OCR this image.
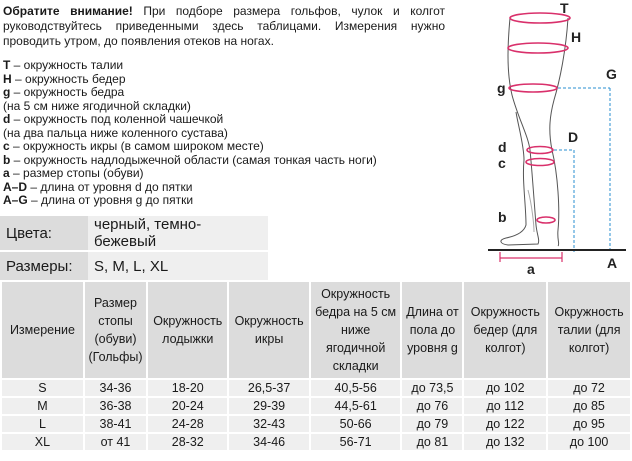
Обратите внимание! При подборе размера гольфов, чулок и колгот руководствуйтесь приведенными здесь таблицами. Измерения нужно проводить утром, до появления отеков на ногах.
T – окружность талии
H – окружность бедер
g – окружность бедра
(на 5 см ниже ягодичной складки)
d – окружность под коленной чашечкой
(на два пальца ниже коленного сустава)
c – окружность икры (в самом широком месте)
b – окружность надлодыжечной области (самая тонкая часть ноги)
a – размер стопы (обуви)
A–D – длина от уровня d до пятки
A–G – длина от уровня g до пятки
Цвета:	черный, темно-бежевый
Размеры:	S, M, L, XL
T
H
G
g
D
d
c
b
a	A
Измерение	Размер стопы (обуви) (Гольфы)	Окружность лодыжки	Окружность икры	Окружность бедра на 5 см ниже ягодичной складки	Длина от пола до уровня g	Окружность бедер (для колгот)	Окружность талии (для колгот)
S	34-36	18-20	26,5-37	40,5-56	до 73,5	до 102	до 72
M	36-38	20-24	29-39	44,5-61	до 76	до 112	до 85
L	38-41	24-28	32-43	50-66	до 79	до 122	до 95
XL	от 41	28-32	34-46	56-71	до 81	до 132	до 100
